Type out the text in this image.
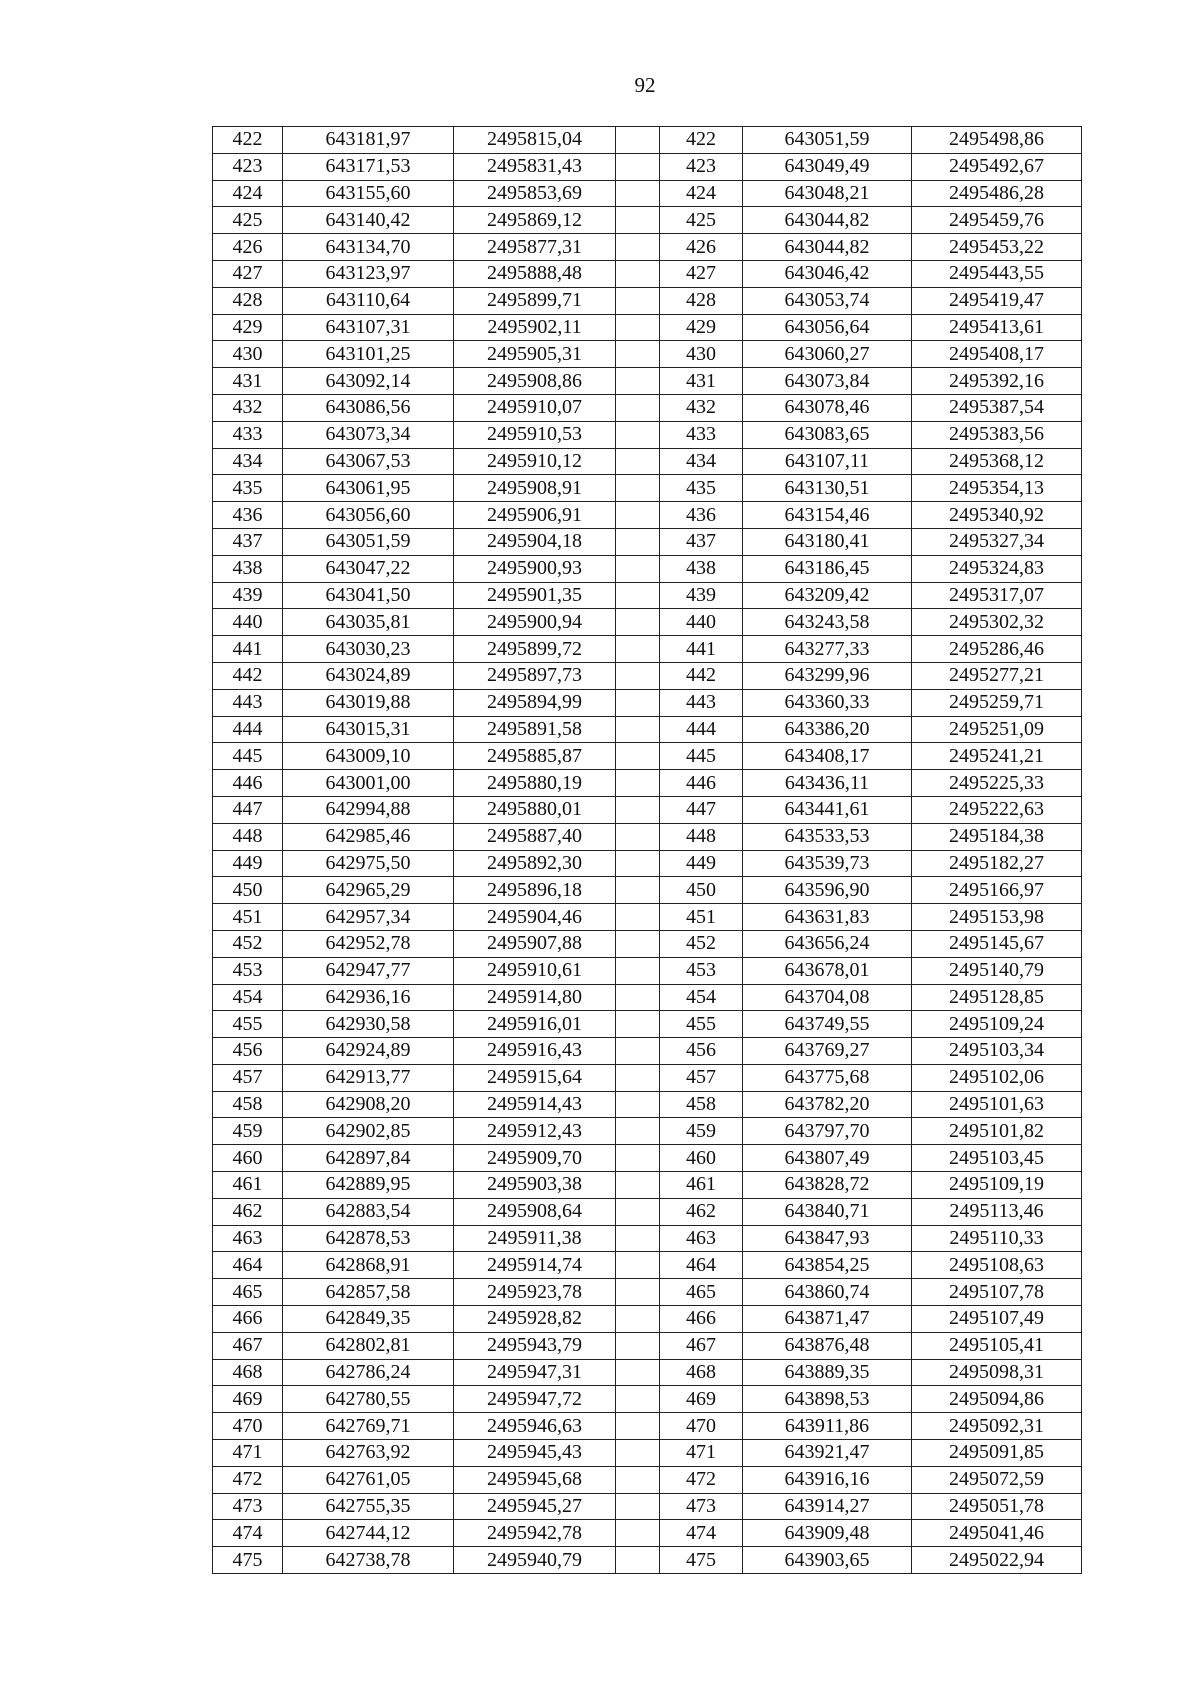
92
422	643181,97	2495815,04		422	643051,59	2495498,86
423	643171,53	2495831,43		423	643049,49	2495492,67
424	643155,60	2495853,69		424	643048,21	2495486,28
425	643140,42	2495869,12		425	643044,82	2495459,76
426	643134,70	2495877,31		426	643044,82	2495453,22
427	643123,97	2495888,48		427	643046,42	2495443,55
428	643110,64	2495899,71		428	643053,74	2495419,47
429	643107,31	2495902,11		429	643056,64	2495413,61
430	643101,25	2495905,31		430	643060,27	2495408,17
431	643092,14	2495908,86		431	643073,84	2495392,16
432	643086,56	2495910,07		432	643078,46	2495387,54
433	643073,34	2495910,53		433	643083,65	2495383,56
434	643067,53	2495910,12		434	643107,11	2495368,12
435	643061,95	2495908,91		435	643130,51	2495354,13
436	643056,60	2495906,91		436	643154,46	2495340,92
437	643051,59	2495904,18		437	643180,41	2495327,34
438	643047,22	2495900,93		438	643186,45	2495324,83
439	643041,50	2495901,35		439	643209,42	2495317,07
440	643035,81	2495900,94		440	643243,58	2495302,32
441	643030,23	2495899,72		441	643277,33	2495286,46
442	643024,89	2495897,73		442	643299,96	2495277,21
443	643019,88	2495894,99		443	643360,33	2495259,71
444	643015,31	2495891,58		444	643386,20	2495251,09
445	643009,10	2495885,87		445	643408,17	2495241,21
446	643001,00	2495880,19		446	643436,11	2495225,33
447	642994,88	2495880,01		447	643441,61	2495222,63
448	642985,46	2495887,40		448	643533,53	2495184,38
449	642975,50	2495892,30		449	643539,73	2495182,27
450	642965,29	2495896,18		450	643596,90	2495166,97
451	642957,34	2495904,46		451	643631,83	2495153,98
452	642952,78	2495907,88		452	643656,24	2495145,67
453	642947,77	2495910,61		453	643678,01	2495140,79
454	642936,16	2495914,80		454	643704,08	2495128,85
455	642930,58	2495916,01		455	643749,55	2495109,24
456	642924,89	2495916,43		456	643769,27	2495103,34
457	642913,77	2495915,64		457	643775,68	2495102,06
458	642908,20	2495914,43		458	643782,20	2495101,63
459	642902,85	2495912,43		459	643797,70	2495101,82
460	642897,84	2495909,70		460	643807,49	2495103,45
461	642889,95	2495903,38		461	643828,72	2495109,19
462	642883,54	2495908,64		462	643840,71	2495113,46
463	642878,53	2495911,38		463	643847,93	2495110,33
464	642868,91	2495914,74		464	643854,25	2495108,63
465	642857,58	2495923,78		465	643860,74	2495107,78
466	642849,35	2495928,82		466	643871,47	2495107,49
467	642802,81	2495943,79		467	643876,48	2495105,41
468	642786,24	2495947,31		468	643889,35	2495098,31
469	642780,55	2495947,72		469	643898,53	2495094,86
470	642769,71	2495946,63		470	643911,86	2495092,31
471	642763,92	2495945,43		471	643921,47	2495091,85
472	642761,05	2495945,68		472	643916,16	2495072,59
473	642755,35	2495945,27		473	643914,27	2495051,78
474	642744,12	2495942,78		474	643909,48	2495041,46
475	642738,78	2495940,79		475	643903,65	2495022,94
